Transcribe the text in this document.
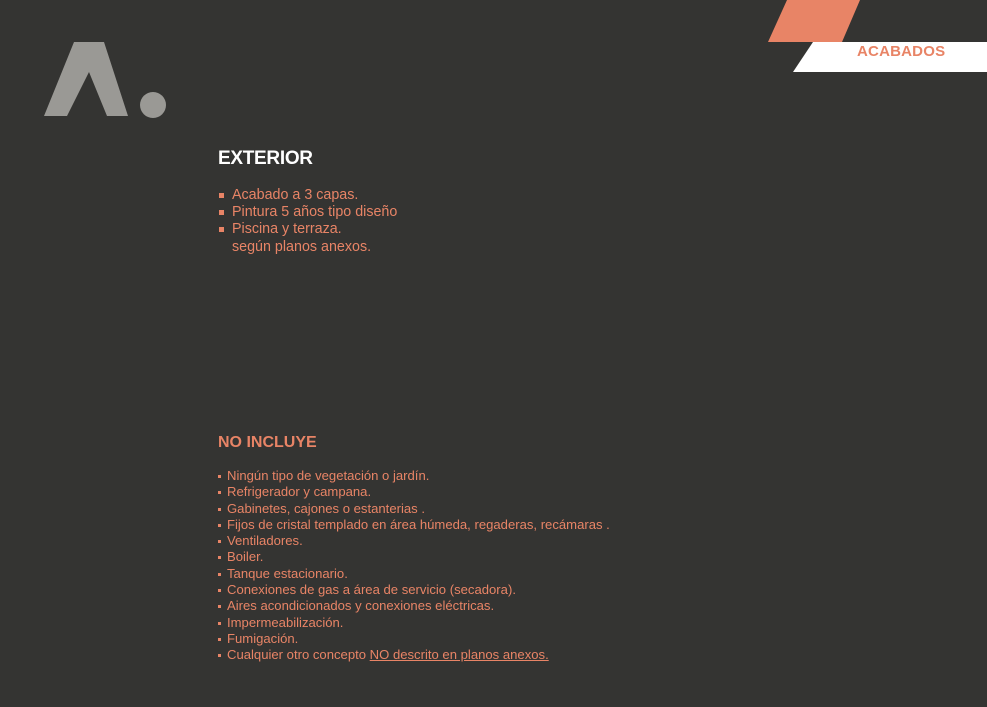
ACABADOS
EXTERIOR
Acabado a 3 capas.
Pintura 5 años tipo diseño
Piscina y terraza.
según planos anexos.
NO INCLUYE
Ningún tipo de vegetación o jardín.
Refrigerador y campana.
Gabinetes, cajones o estanterias .
Fijos de cristal templado en área húmeda, regaderas, recámaras .
Ventiladores.
Boiler.
Tanque estacionario.
Conexiones de gas a área de servicio (secadora).
Aires acondicionados y conexiones eléctricas.
Impermeabilización.
Fumigación.
Cualquier otro concepto NO descrito en planos anexos.
